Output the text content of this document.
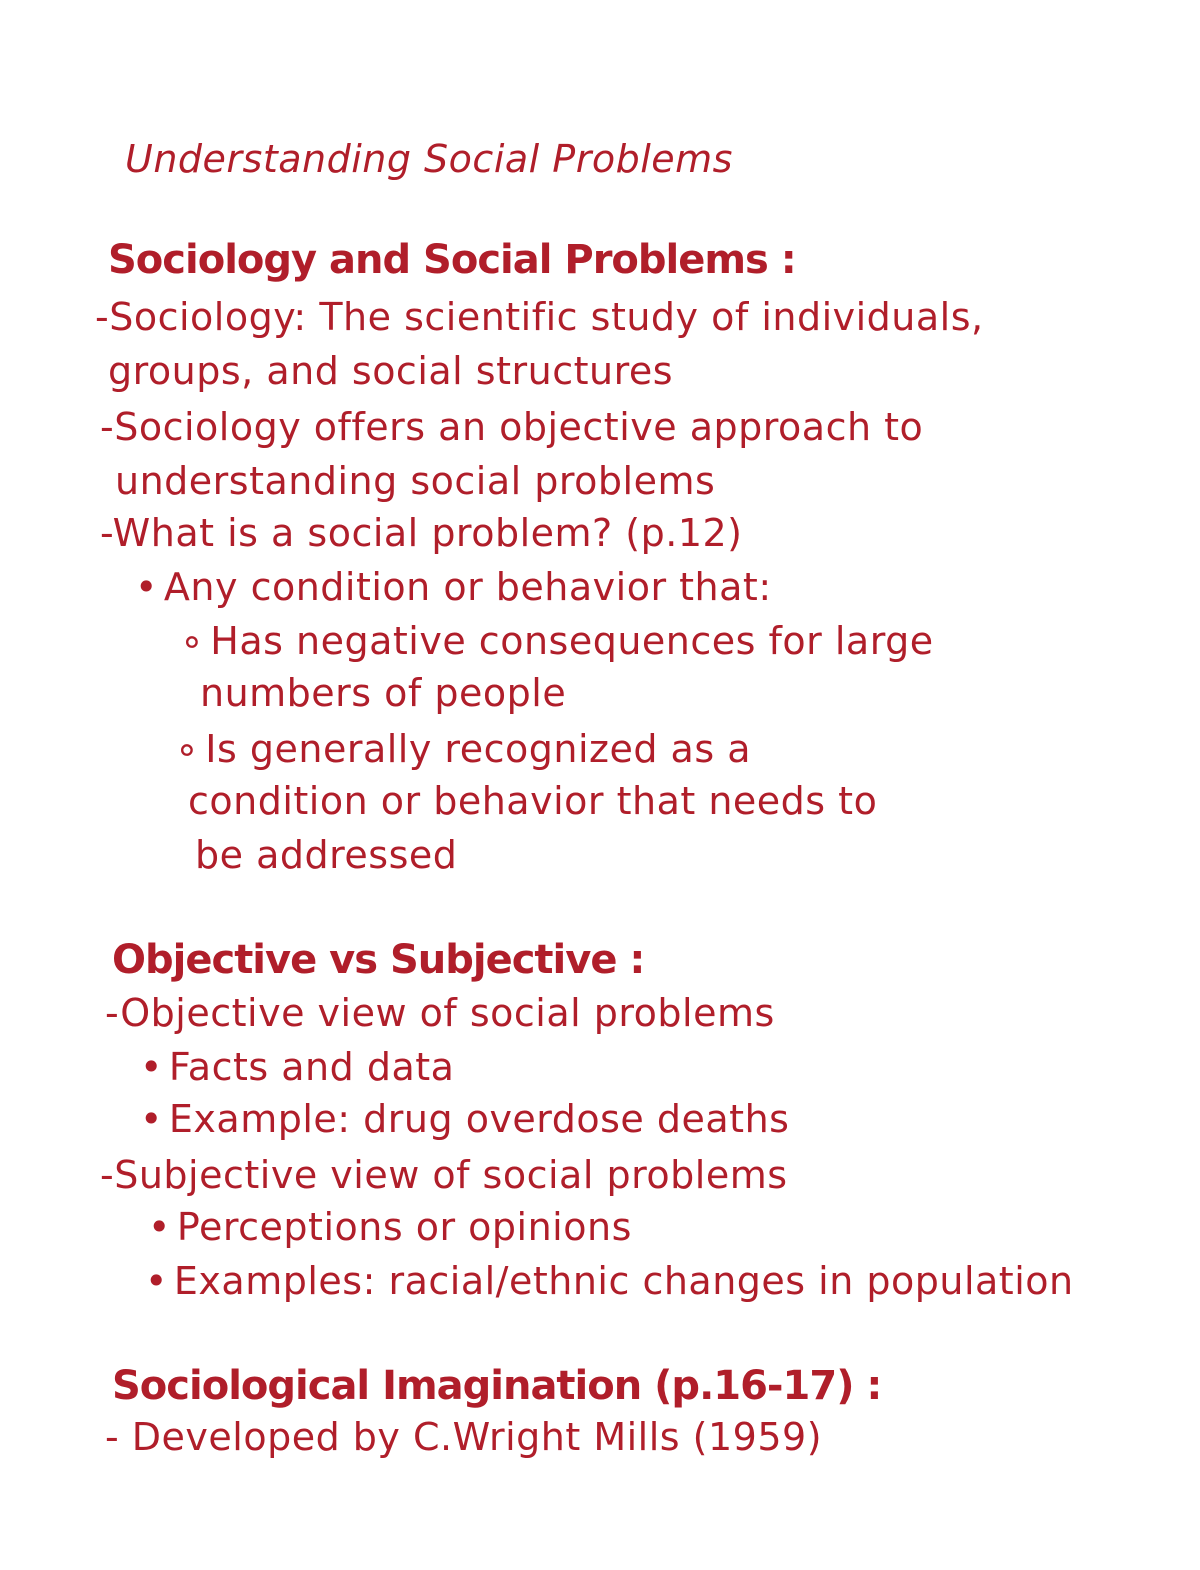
Understanding Social Problems
Sociology and Social Problems :
-Sociology: The scientific study of individuals,
groups, and social structures
-Sociology offers an objective approach to
understanding social problems
-What is a social problem? (p.12)
• Any condition or behavior that:
∘ Has negative consequences for large
numbers of people
∘ Is generally recognized as a
condition or behavior that needs to
be addressed
Objective vs Subjective :
-Objective view of social problems
• Facts and data
• Example: drug overdose deaths
-Subjective view of social problems
• Perceptions or opinions
• Examples: racial/ethnic changes in population
Sociological Imagination (p.16-17) :
- Developed by C.Wright Mills (1959)
